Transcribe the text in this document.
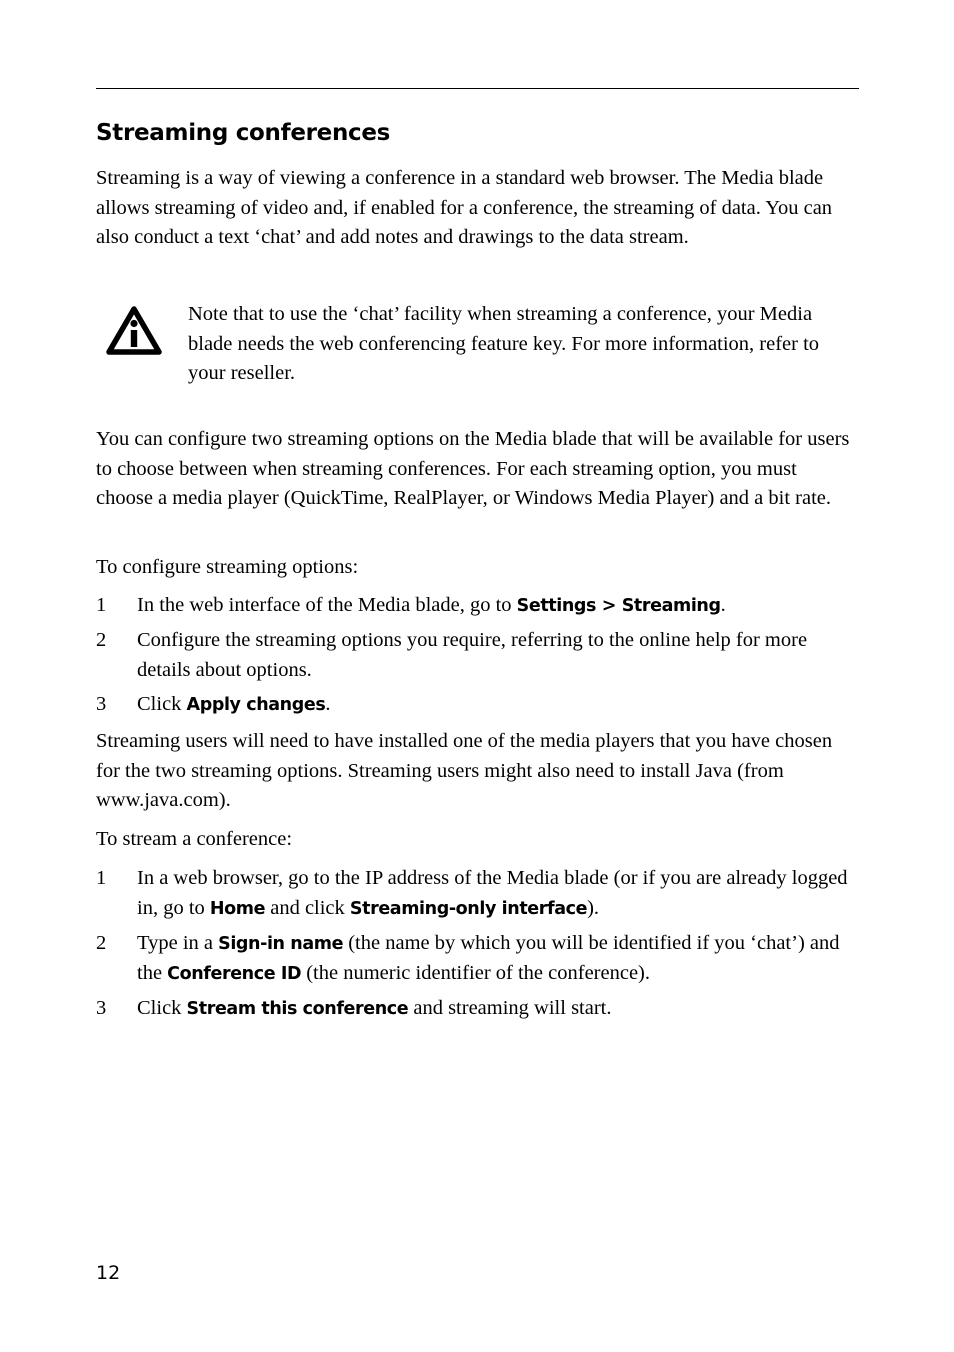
Streaming conferences

Streaming is a way of viewing a conference in a standard web browser. The Media blade allows streaming of video and, if enabled for a conference, the streaming of data. You can also conduct a text ‘chat’ and add notes and drawings to the data stream.

Note that to use the ‘chat’ facility when streaming a conference, your Media blade needs the web conferencing feature key. For more information, refer to your reseller.

You can configure two streaming options on the Media blade that will be available for users to choose between when streaming conferences. For each streaming option, you must choose a media player (QuickTime, RealPlayer, or Windows Media Player) and a bit rate.

To configure streaming options:

1 In the web interface of the Media blade, go to Settings > Streaming.
2 Configure the streaming options you require, referring to the online help for more details about options.
3 Click Apply changes.

Streaming users will need to have installed one of the media players that you have chosen for the two streaming options. Streaming users might also need to install Java (from www.java.com).

To stream a conference:

1 In a web browser, go to the IP address of the Media blade (or if you are already logged in, go to Home and click Streaming-only interface).
2 Type in a Sign-in name (the name by which you will be identified if you ‘chat’) and the Conference ID (the numeric identifier of the conference).
3 Click Stream this conference and streaming will start.

12
